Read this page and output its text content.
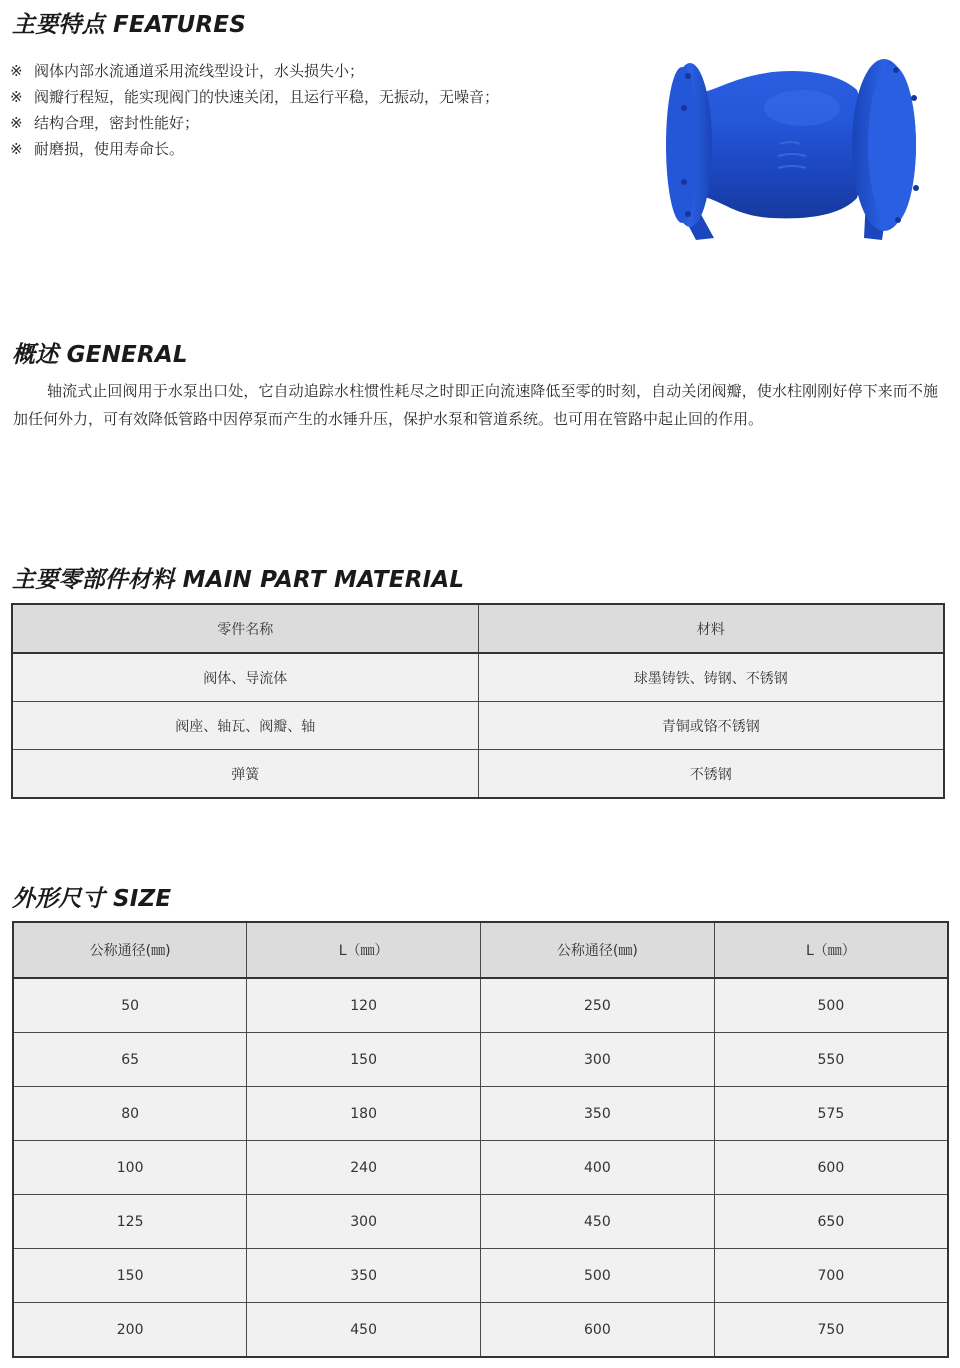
主要特点 FEATURES
※ 阀体内部水流通道采用流线型设计，水头损失小；
※ 阀瓣行程短，能实现阀门的快速关闭，且运行平稳，无振动，无噪音；
※ 结构合理，密封性能好；
※ 耐磨损，使用寿命长。
概述 GENERAL

轴流式止回阀用于水泵出口处，它自动追踪水柱惯性耗尽之时即正向流速降低至零的时刻，自动关闭阀瓣，使水柱刚刚好停下来而不施加任何外力，可有效降低管路中因停泵而产生的水锤升压，保护水泵和管道系统。也可用在管路中起止回的作用。

主要零部件材料 MAIN PART MATERIAL
零件名称	材料
阀体、导流体	球墨铸铁、铸钢、不锈钢
阀座、轴瓦、阀瓣、轴	青铜或铬不锈钢
弹簧	不锈钢
外形尺寸 SIZE
公称通径(㎜)	L（㎜）	公称通径(㎜)	L（㎜）
50	120	250	500
65	150	300	550
80	180	350	575
100	240	400	600
125	300	450	650
150	350	500	700
200	450	600	750
